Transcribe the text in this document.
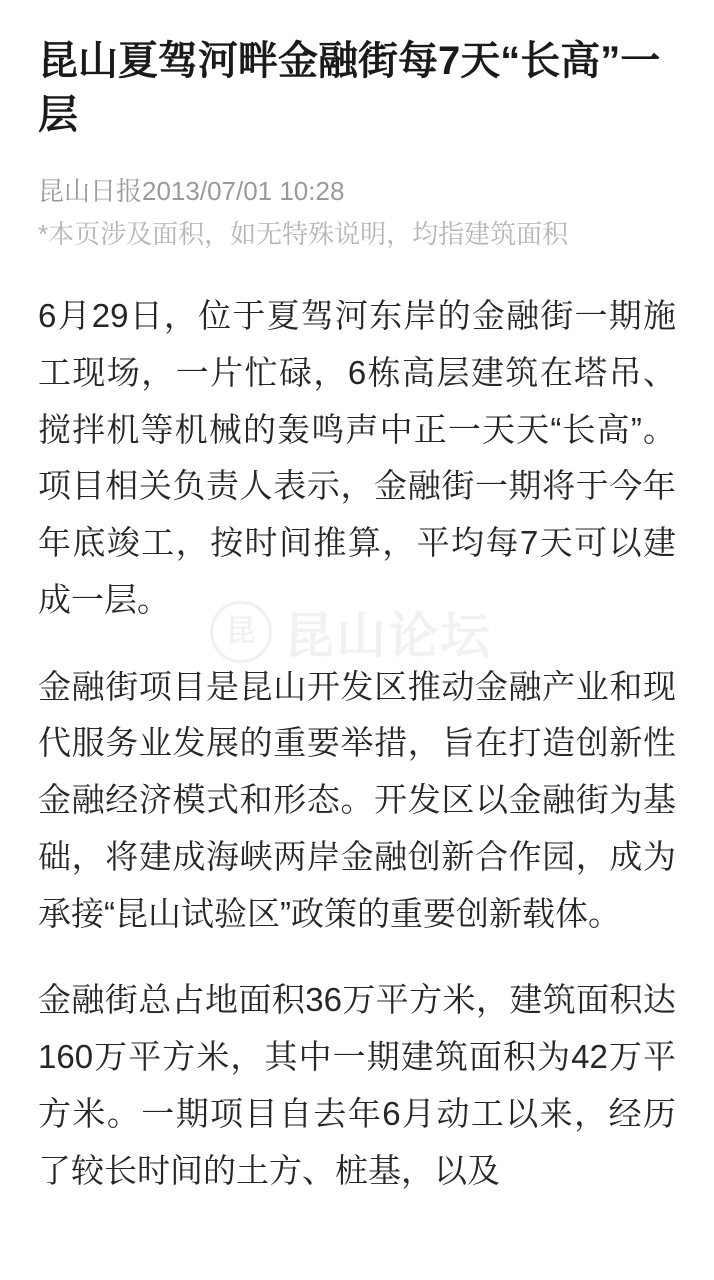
昆山夏驾河畔金融街每7天“长高”一层
昆山日报2013/07/01 10:28
*本页涉及面积，如无特殊说明，均指建筑面积
昆 昆山论坛

6月29日，位于夏驾河东岸的金融街一期施工现场，一片忙碌，6栋高层建筑在塔吊、搅拌机等机械的轰鸣声中正一天天“长高”。项目相关负责人表示，金融街一期将于今年年底竣工，按时间推算，平均每7天可以建成一层。

金融街项目是昆山开发区推动金融产业和现代服务业发展的重要举措，旨在打造创新性金融经济模式和形态。开发区以金融街为基础，将建成海峡两岸金融创新合作园，成为承接“昆山试验区”政策的重要创新载体。

金融街总占地面积36万平方米，建筑面积达160万平方米，其中一期建筑面积为42万平方米。一期项目自去年6月动工以来，经历了较长时间的土方、桩基，以及
